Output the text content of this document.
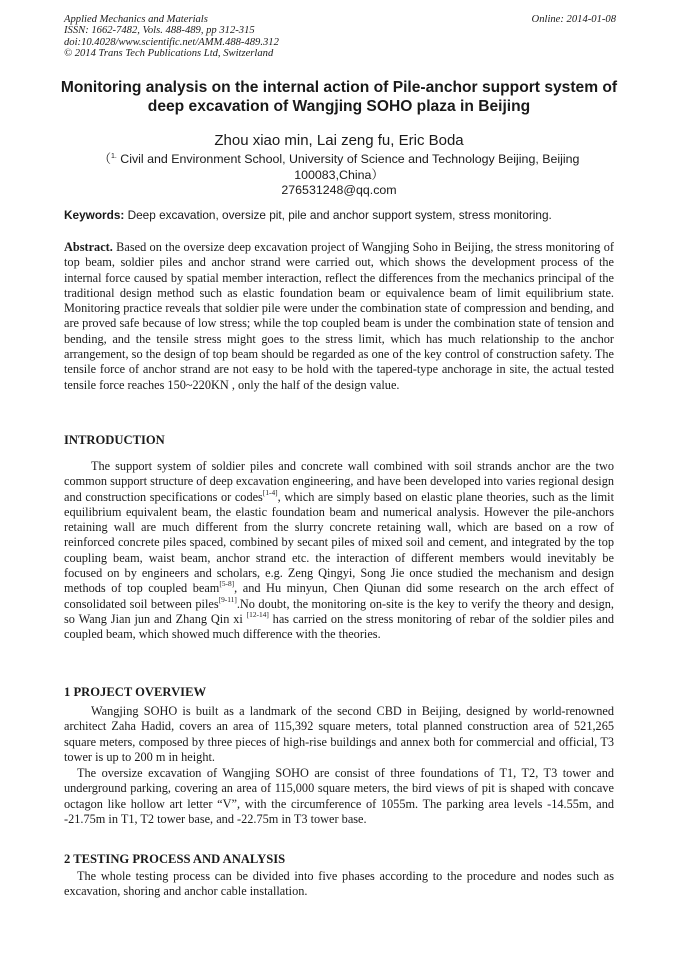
Applied Mechanics and Materials
ISSN: 1662-7482, Vols. 488-489, pp 312-315
doi:10.4028/www.scientific.net/AMM.488-489.312
© 2014 Trans Tech Publications Ltd, Switzerland
Online: 2014-01-08
Monitoring analysis on the internal action of Pile-anchor support system of deep excavation of Wangjing SOHO plaza in Beijing
Zhou xiao min, Lai zeng fu, Eric Boda
（$^{1.}$ Civil and Environment School, University of Science and Technology Beijing, Beijing 100083,China）
276531248@qq.com
Keywords: Deep excavation, oversize pit, pile and anchor support system, stress monitoring.
Abstract. Based on the oversize deep excavation project of Wangjing Soho in Beijing, the stress monitoring of top beam, soldier piles and anchor strand were carried out, which shows the development process of the internal force caused by spatial member interaction, reflect the differences from the mechanics principal of the traditional design method such as elastic foundation beam or equivalence beam of limit equilibrium state. Monitoring practice reveals that soldier pile were under the combination state of compression and bending, and are proved safe because of low stress; while the top coupled beam is under the combination state of tension and bending, and the tensile stress might goes to the stress limit, which has much relationship to the anchor arrangement, so the design of top beam should be regarded as one of the key control of construction safety. The tensile force of anchor strand are not easy to be hold with the tapered-type anchorage in site, the actual tested tensile force reaches 150~220KN , only the half of the design value.
INTRODUCTION
The support system of soldier piles and concrete wall combined with soil strands anchor are the two common support structure of deep excavation engineering, and have been developed into varies regional design and construction specifications or codes[1-4], which are simply based on elastic plane theories, such as the limit equilibrium equivalent beam, the elastic foundation beam and numerical analysis. However the pile-anchors retaining wall are much different from the slurry concrete retaining wall, which are based on a row of reinforced concrete piles spaced, combined by secant piles of mixed soil and cement, and integrated by the top coupling beam, waist beam, anchor strand etc. the interaction of different members would inevitably be focused on by engineers and scholars, e.g. Zeng Qingyi, Song Jie once studied the mechanism and design methods of top coupled beam[5-8], and Hu minyun, Chen Qiunan did some research on the arch effect of consolidated soil between piles[9-11].No doubt, the monitoring on-site is the key to verify the theory and design, so Wang Jian jun and Zhang Qin xi [12-14] has carried on the stress monitoring of rebar of the soldier piles and coupled beam, which showed much difference with the theories.
1 PROJECT OVERVIEW
Wangjing SOHO is built as a landmark of the second CBD in Beijing, designed by world-renowned architect Zaha Hadid, covers an area of 115,392 square meters, total planned construction area of 521,265 square meters, composed by three pieces of high-rise buildings and annex both for commercial and official, T3 tower is up to 200 m in height.
The oversize excavation of Wangjing SOHO are consist of three foundations of T1, T2, T3 tower and underground parking, covering an area of 115,000 square meters, the bird views of pit is shaped with concave octagon like hollow art letter “V”, with the circumference of 1055m. The parking area levels -14.55m, and -21.75m in T1, T2 tower base, and -22.75m in T3 tower base.
2 TESTING PROCESS AND ANALYSIS
The whole testing process can be divided into five phases according to the procedure and nodes such as excavation, shoring and anchor cable installation.
